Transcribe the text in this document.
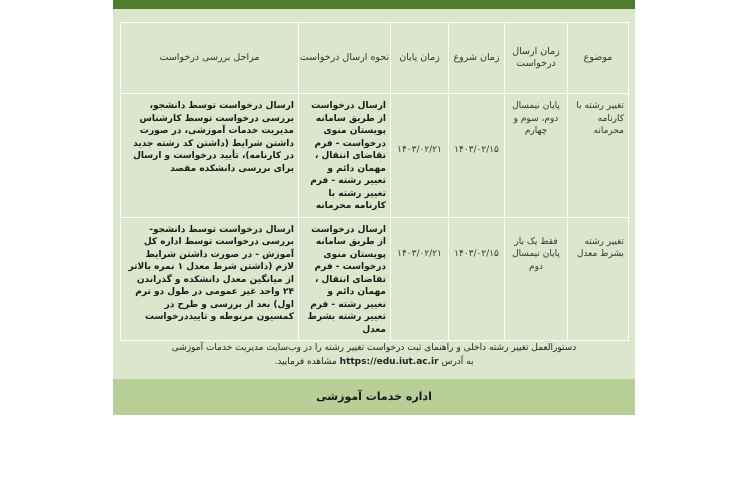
موضوع	زمان ارسال درخواست	زمان شروع	زمان پایان	نحوه ارسال درخواست	مراحل بررسی درخواست

تغییر رشته با کارنامه محرمانه	پایان نیمسال دوم، سوم و چهارم	۱۴۰۳/۰۲/۱۵	۱۴۰۳/۰۲/۲۱	ارسال درخواست از طریق سامانه پویستان منوی درخواست - فرم تقاضای انتقال ، مهمان دائم و تغییر رشته - فرم تغییر رشته با کارنامه محرمانه	ارسال درخواست توسط دانشجو، بررسی درخواست توسط کارشناس مدیریت خدمات آموزشی، در صورت داشتن شرایط (داشتن کد رشته جدید در کارنامه)، تأیید درخواست و ارسال برای بررسی دانشکده مقصد

تغییر رشته بشرط معدل	فقط یک بار پایان نیمسال دوم	۱۴۰۳/۰۲/۱۵	۱۴۰۳/۰۲/۲۱	ارسال درخواست از طریق سامانه پویستان منوی درخواست - فرم تقاضای انتقال ، مهمان دائم و تغییر رشته - فرم تغییر رشته بشرط معدل	ارسال درخواست توسط دانشجو- بررسی درخواست توسط اداره کل آموزش - در صورت داشتن شرایط لازم (داشتن شرط معدل ۱ نمره بالاتر از میانگین معدل دانشکده و گذراندن ۲۴ واحد غیر عمومی در طول دو ترم اول) بعد از بررسی و طرح در کمسیون مربوطه و تاییددرخواست
دستورالعمل تغییر رشته داخلی و راهنمای ثبت درخواست تغییر رشته را در وب‌سایت مدیریت خدمات آموزشی
به آدرس https://edu.iut.ac.ir مشاهده فرمایید.
اداره خدمات آموزشی
